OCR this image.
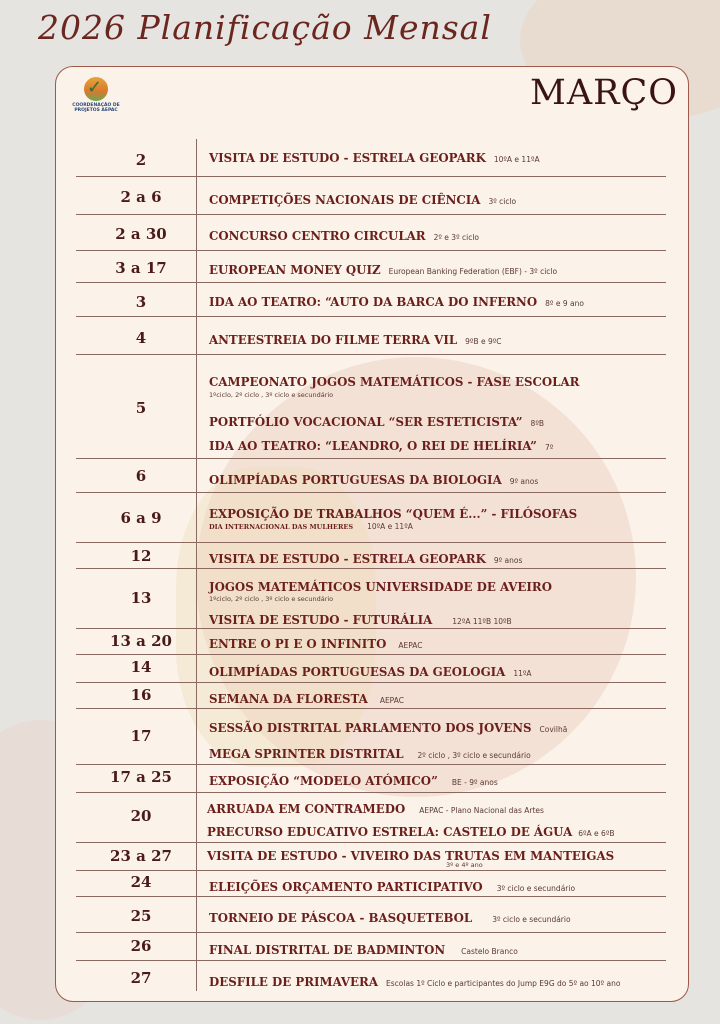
2026 Planificação Mensal
✓
COORDENAÇÃO DE PROJETOS AEPAC	MARÇO
2	VISITA DE ESTUDO - ESTRELA GEOPARK 10ºA e 11ºA
2 a 6	COMPETIÇÕES NACIONAIS DE CIÊNCIA 3º ciclo
2 a 30	CONCURSO CENTRO CIRCULAR 2º e 3º ciclo
3 a 17	EUROPEAN MONEY QUIZ European Banking Federation (EBF) - 3º ciclo
3	IDA AO TEATRO: “AUTO DA BARCA DO INFERNO 8º e 9 ano
4	ANTEESTREIA DO FILME TERRA VIL 9ºB e 9ºC
5
CAMPEONATO JOGOS MATEMÁTICOS - FASE ESCOLAR
1ºciclo, 2º ciclo , 3º ciclo e secundário
PORTFÓLIO VOCACIONAL “SER ESTETICISTA” 8ºB
IDA AO TEATRO: “LEANDRO, O REI DE HELÍRIA” 7º
6	OLIMPÍADAS PORTUGUESAS DA BIOLOGIA 9º anos
6 a 9	EXPOSIÇÃO DE TRABALHOS “QUEM É...” - FILÓSOFAS
DIA INTERNACIONAL DAS MULHERES 10ºA e 11ºA
12	VISITA DE ESTUDO - ESTRELA GEOPARK 9º anos
13
JOGOS MATEMÁTICOS UNIVERSIDADE DE AVEIRO
1ºciclo, 2º ciclo , 3º ciclo e secundário
VISITA DE ESTUDO - FUTURÁLIA	12ºA 11ºB 10ºB
13 a 20	ENTRE O PI E O INFINITO AEPAC
14	OLIMPÍADAS PORTUGUESAS DA GEOLOGIA 11ºA
16	SEMANA DA FLORESTA AEPAC
17	SESSÃO DISTRITAL PARLAMENTO DOS JOVENS Covilhã
MEGA SPRINTER DISTRITAL 2º ciclo , 3º ciclo e secundário
17 a 25	EXPOSIÇÃO “MODELO ATÓMICO” BE - 9º anos
20	ARRUADA EM CONTRAMEDO AEPAC - Plano Nacional das Artes
PRECURSO EDUCATIVO ESTRELA: CASTELO DE ÁGUA 6ºA e 6ºB
23 a 27	VISITA DE ESTUDO - VIVEIRO DAS TRUTAS EM MANTEIGAS
3º e 4º ano
24	ELEIÇÕES ORÇAMENTO PARTICIPATIVO 3º ciclo e secundário
25	TORNEIO DE PÁSCOA - BASQUETEBOL	3º ciclo e secundário
26	FINAL DISTRITAL DE BADMINTON Castelo Branco
27	DESFILE DE PRIMAVERA Escolas 1º Ciclo e participantes do Jump E9G do 5º ao 10º ano
